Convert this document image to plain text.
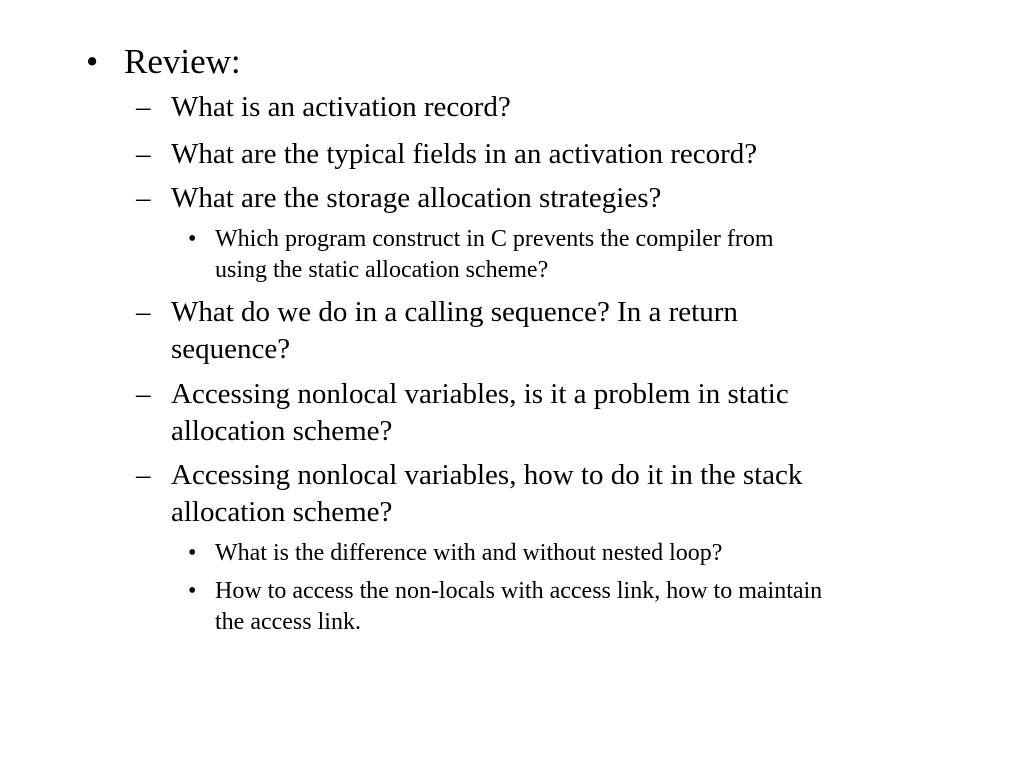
• Review:
– What is an activation record?
– What are the typical fields in an activation record?
– What are the storage allocation strategies?
• Which program construct in C prevents the compiler from
using the static allocation scheme?
– What do we do in a calling sequence? In a return
sequence?
– Accessing nonlocal variables, is it a problem in static
allocation scheme?
– Accessing nonlocal variables, how to do it in the stack
allocation scheme?
• What is the difference with and without nested loop?
• How to access the non-locals with access link, how to maintain
the access link.
